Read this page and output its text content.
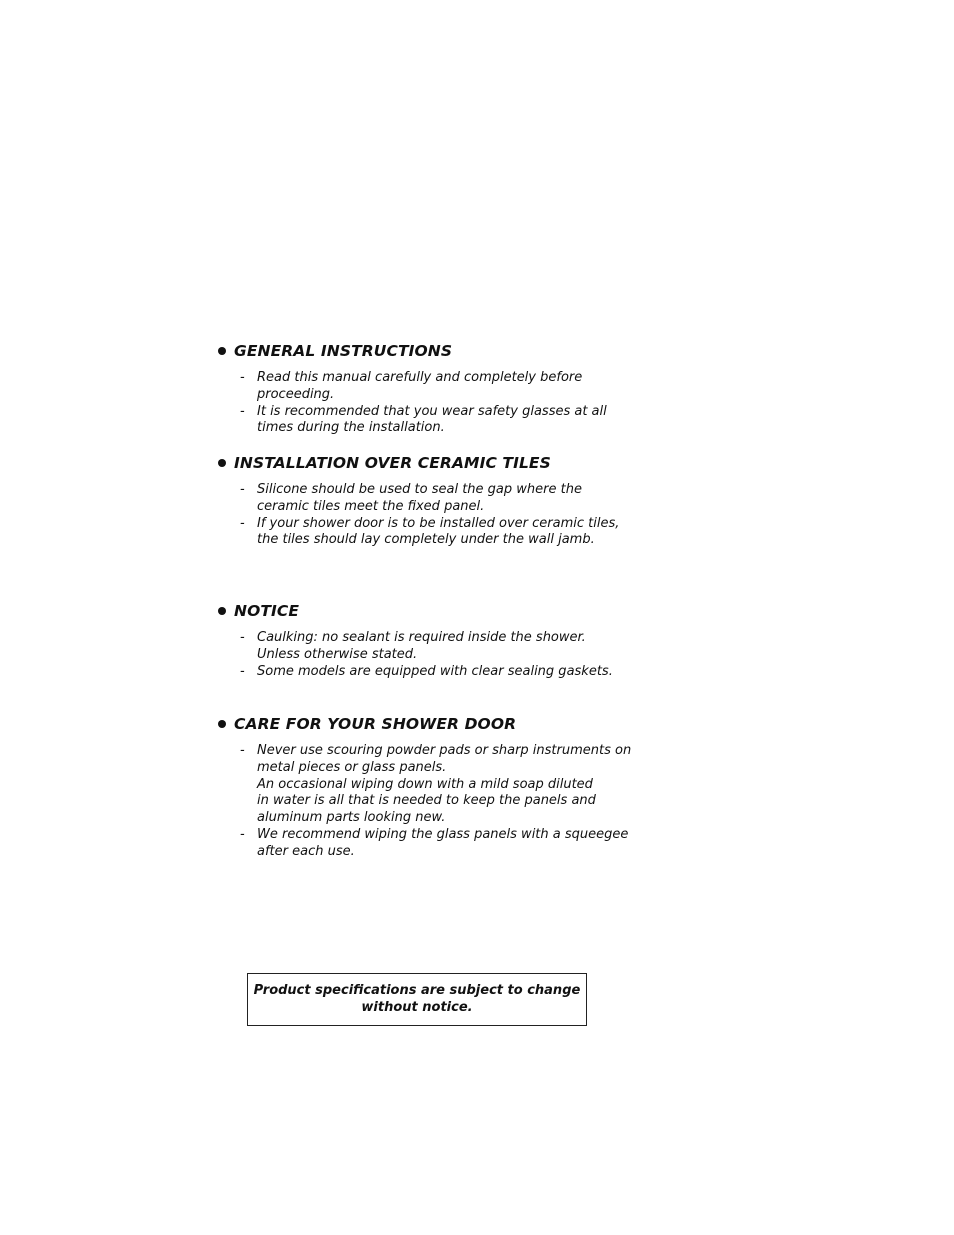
GENERAL INSTRUCTIONS
- Read this manual carefully and completely before
proceeding.
- It is recommended that you wear safety glasses at all
times during the installation.
INSTALLATION OVER CERAMIC TILES
- Silicone should be used to seal the gap where the
ceramic tiles meet the fixed panel.
- If your shower door is to be installed over ceramic tiles,
the tiles should lay completely under the wall jamb.
NOTICE
- Caulking: no sealant is required inside the shower.
Unless otherwise stated.
- Some models are equipped with clear sealing gaskets.
CARE FOR YOUR SHOWER DOOR
- Never use scouring powder pads or sharp instruments on
metal pieces or glass panels.
An occasional wiping down with a mild soap diluted
in water is all that is needed to keep the panels and
aluminum parts looking new.
- We recommend wiping the glass panels with a squeegee
after each use.
Product specifications are subject to change
without notice.
